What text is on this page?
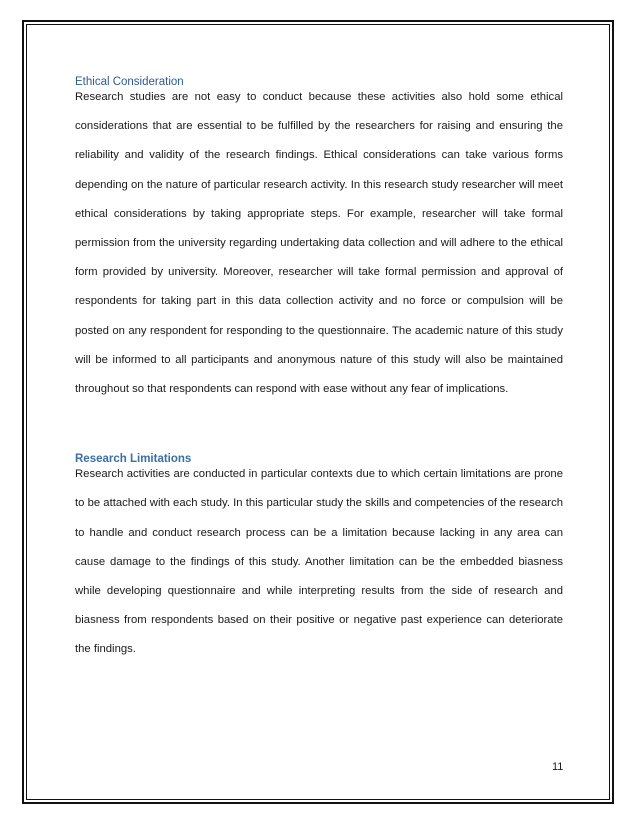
Ethical Consideration

Research studies are not easy to conduct because these activities also hold some ethical considerations that are essential to be fulfilled by the researchers for raising and ensuring the reliability and validity of the research findings. Ethical considerations can take various forms depending on the nature of particular research activity. In this research study researcher will meet ethical considerations by taking appropriate steps. For example, researcher will take formal permission from the university regarding undertaking data collection and will adhere to the ethical form provided by university. Moreover, researcher will take formal permission and approval of respondents for taking part in this data collection activity and no force or compulsion will be posted on any respondent for responding to the questionnaire. The academic nature of this study will be informed to all participants and anonymous nature of this study will also be maintained throughout so that respondents can respond with ease without any fear of implications.

Research Limitations

Research activities are conducted in particular contexts due to which certain limitations are prone to be attached with each study. In this particular study the skills and competencies of the research to handle and conduct research process can be a limitation because lacking in any area can cause damage to the findings of this study. Another limitation can be the embedded biasness while developing questionnaire and while interpreting results from the side of research and biasness from respondents based on their positive or negative past experience can deteriorate the findings.

11
